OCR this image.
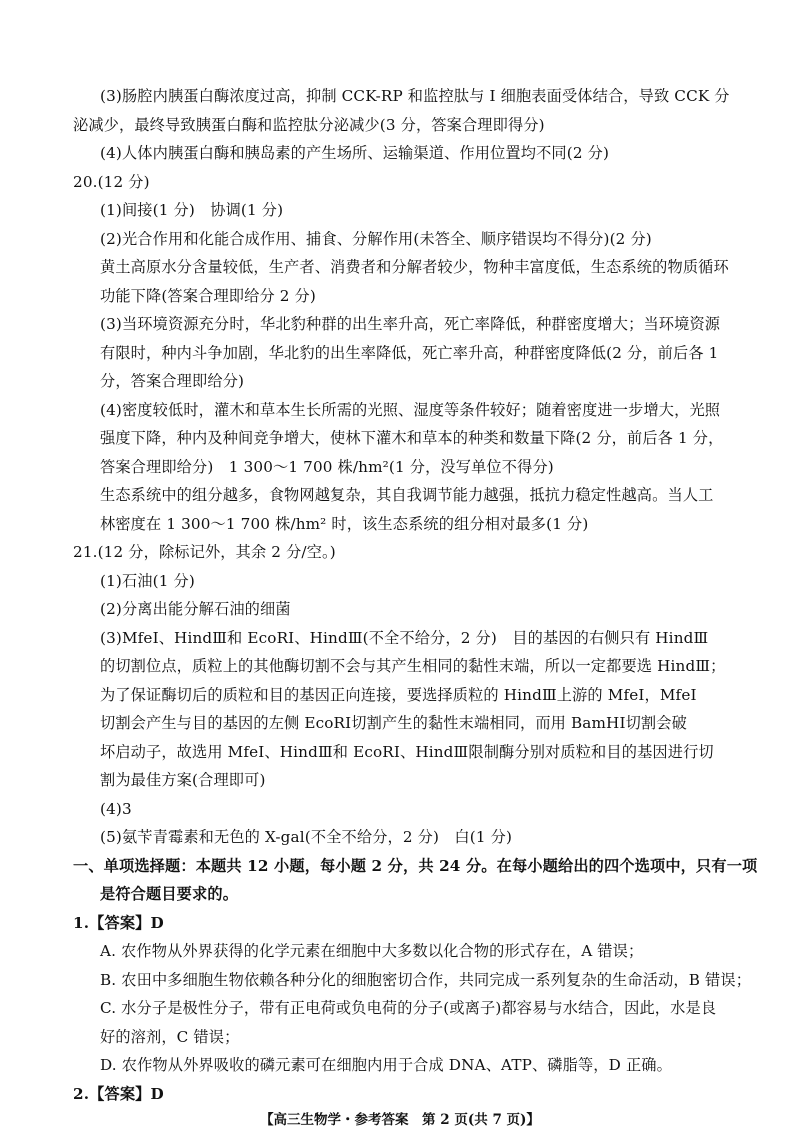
(3)肠腔内胰蛋白酶浓度过高，抑制 CCK-RP 和监控肽与 I 细胞表面受体结合，导致 CCK 分
泌减少，最终导致胰蛋白酶和监控肽分泌减少(3 分，答案合理即得分)
(4)人体内胰蛋白酶和胰岛素的产生场所、运输渠道、作用位置均不同(2 分)
20.(12 分)
(1)间接(1 分)　协调(1 分)
(2)光合作用和化能合成作用、捕食、分解作用(未答全、顺序错误均不得分)(2 分)
黄土高原水分含量较低，生产者、消费者和分解者较少，物种丰富度低，生态系统的物质循环
功能下降(答案合理即给分 2 分)
(3)当环境资源充分时，华北豹种群的出生率升高，死亡率降低，种群密度增大；当环境资源
有限时，种内斗争加剧，华北豹的出生率降低，死亡率升高，种群密度降低(2 分，前后各 1
分，答案合理即给分)
(4)密度较低时，灌木和草本生长所需的光照、湿度等条件较好；随着密度进一步增大，光照
强度下降，种内及种间竞争增大，使林下灌木和草本的种类和数量下降(2 分，前后各 1 分，
答案合理即给分)　1 300～1 700 株/hm²(1 分，没写单位不得分)
生态系统中的组分越多，食物网越复杂，其自我调节能力越强，抵抗力稳定性越高。当人工
林密度在 1 300～1 700 株/hm² 时，该生态系统的组分相对最多(1 分)
21.(12 分，除标记外，其余 2 分/空。)
(1)石油(1 分)
(2)分离出能分解石油的细菌
(3)MfeⅠ、HindⅢ和 EcoRⅠ、HindⅢ(不全不给分，2 分)　目的基因的右侧只有 HindⅢ
的切割位点，质粒上的其他酶切割不会与其产生相同的黏性末端，所以一定都要选 HindⅢ；
为了保证酶切后的质粒和目的基因正向连接，要选择质粒的 HindⅢ上游的 MfeⅠ，MfeⅠ
切割会产生与目的基因的左侧 EcoRⅠ切割产生的黏性末端相同，而用 BamHⅠ切割会破
坏启动子，故选用 MfeⅠ、HindⅢ和 EcoRⅠ、HindⅢ限制酶分别对质粒和目的基因进行切
割为最佳方案(合理即可)
(4)3
(5)氨苄青霉素和无色的 X-gal(不全不给分，2 分)　白(1 分)
一、单项选择题：本题共 12 小题，每小题 2 分，共 24 分。在每小题给出的四个选项中，只有一项
是符合题目要求的。
1.【答案】D
A. 农作物从外界获得的化学元素在细胞中大多数以化合物的形式存在，A 错误；
B. 农田中多细胞生物依赖各种分化的细胞密切合作，共同完成一系列复杂的生命活动，B 错误；
C. 水分子是极性分子，带有正电荷或负电荷的分子(或离子)都容易与水结合，因此，水是良
好的溶剂，C 错误；
D. 农作物从外界吸收的磷元素可在细胞内用于合成 DNA、ATP、磷脂等，D 正确。
2.【答案】D
【高三生物学・参考答案　第 2 页(共 7 页)】
